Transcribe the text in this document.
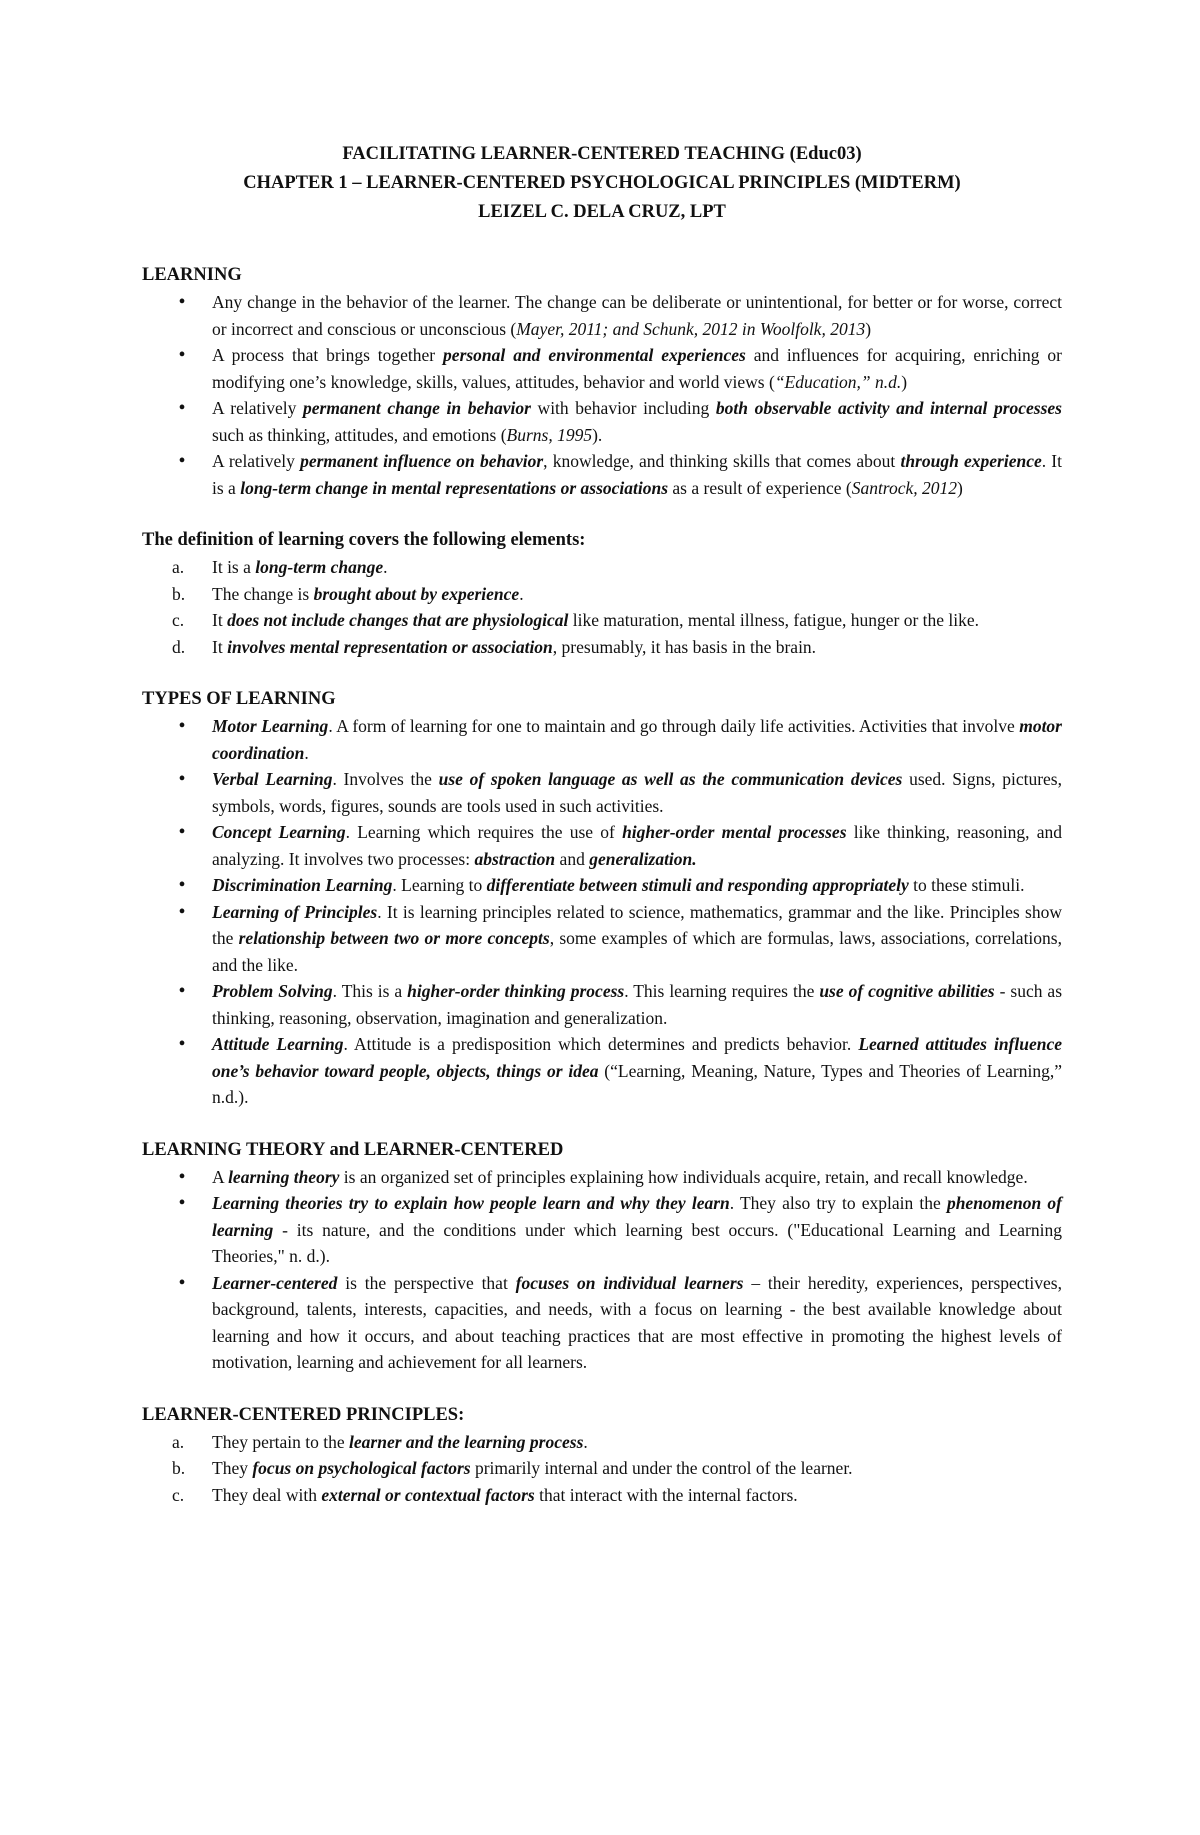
FACILITATING LEARNER-CENTERED TEACHING (Educ03)
CHAPTER 1 – LEARNER-CENTERED PSYCHOLOGICAL PRINCIPLES (MIDTERM)
LEIZEL C. DELA CRUZ, LPT
LEARNING
•
Any change in the behavior of the learner. The change can be deliberate or unintentional, for better or for worse, correct or incorrect and conscious or unconscious (Mayer, 2011; and Schunk, 2012 in Woolfolk, 2013)
•
A process that brings together personal and environmental experiences and influences for acquiring, enriching or modifying one’s knowledge, skills, values, attitudes, behavior and world views (“Education,” n.d.)
•
A relatively permanent change in behavior with behavior including both observable activity and internal processes such as thinking, attitudes, and emotions (Burns, 1995).
•
A relatively permanent influence on behavior, knowledge, and thinking skills that comes about through experience. It is a long-term change in mental representations or associations as a result of experience (Santrock, 2012)
The definition of learning covers the following elements:
a. It is a long-term change.
b. The change is brought about by experience.
c. It does not include changes that are physiological like maturation, mental illness, fatigue, hunger or the like.
d. It involves mental representation or association, presumably, it has basis in the brain.
TYPES OF LEARNING
•
Motor Learning. A form of learning for one to maintain and go through daily life activities. Activities that involve motor coordination.
•
Verbal Learning. Involves the use of spoken language as well as the communication devices used. Signs, pictures, symbols, words, figures, sounds are tools used in such activities.
•
Concept Learning. Learning which requires the use of higher-order mental processes like thinking, reasoning, and analyzing. It involves two processes: abstraction and generalization.
•
Discrimination Learning. Learning to differentiate between stimuli and responding appropriately to these stimuli.
•
Learning of Principles. It is learning principles related to science, mathematics, grammar and the like. Principles show the relationship between two or more concepts, some examples of which are formulas, laws, associations, correlations, and the like.
•
Problem Solving. This is a higher-order thinking process. This learning requires the use of cognitive abilities - such as thinking, reasoning, observation, imagination and generalization.
•
Attitude Learning. Attitude is a predisposition which determines and predicts behavior. Learned attitudes influence one’s behavior toward people, objects, things or idea (“Learning, Meaning, Nature, Types and Theories of Learning,” n.d.).
LEARNING THEORY and LEARNER-CENTERED
•
A learning theory is an organized set of principles explaining how individuals acquire, retain, and recall knowledge.
•
Learning theories try to explain how people learn and why they learn. They also try to explain the phenomenon of learning - its nature, and the conditions under which learning best occurs. ("Educational Learning and Learning Theories," n. d.).
•
Learner-centered is the perspective that focuses on individual learners – their heredity, experiences, perspectives, background, talents, interests, capacities, and needs, with a focus on learning - the best available knowledge about learning and how it occurs, and about teaching practices that are most effective in promoting the highest levels of motivation, learning and achievement for all learners.
LEARNER-CENTERED PRINCIPLES:
a. They pertain to the learner and the learning process.
b. They focus on psychological factors primarily internal and under the control of the learner.
c. They deal with external or contextual factors that interact with the internal factors.
